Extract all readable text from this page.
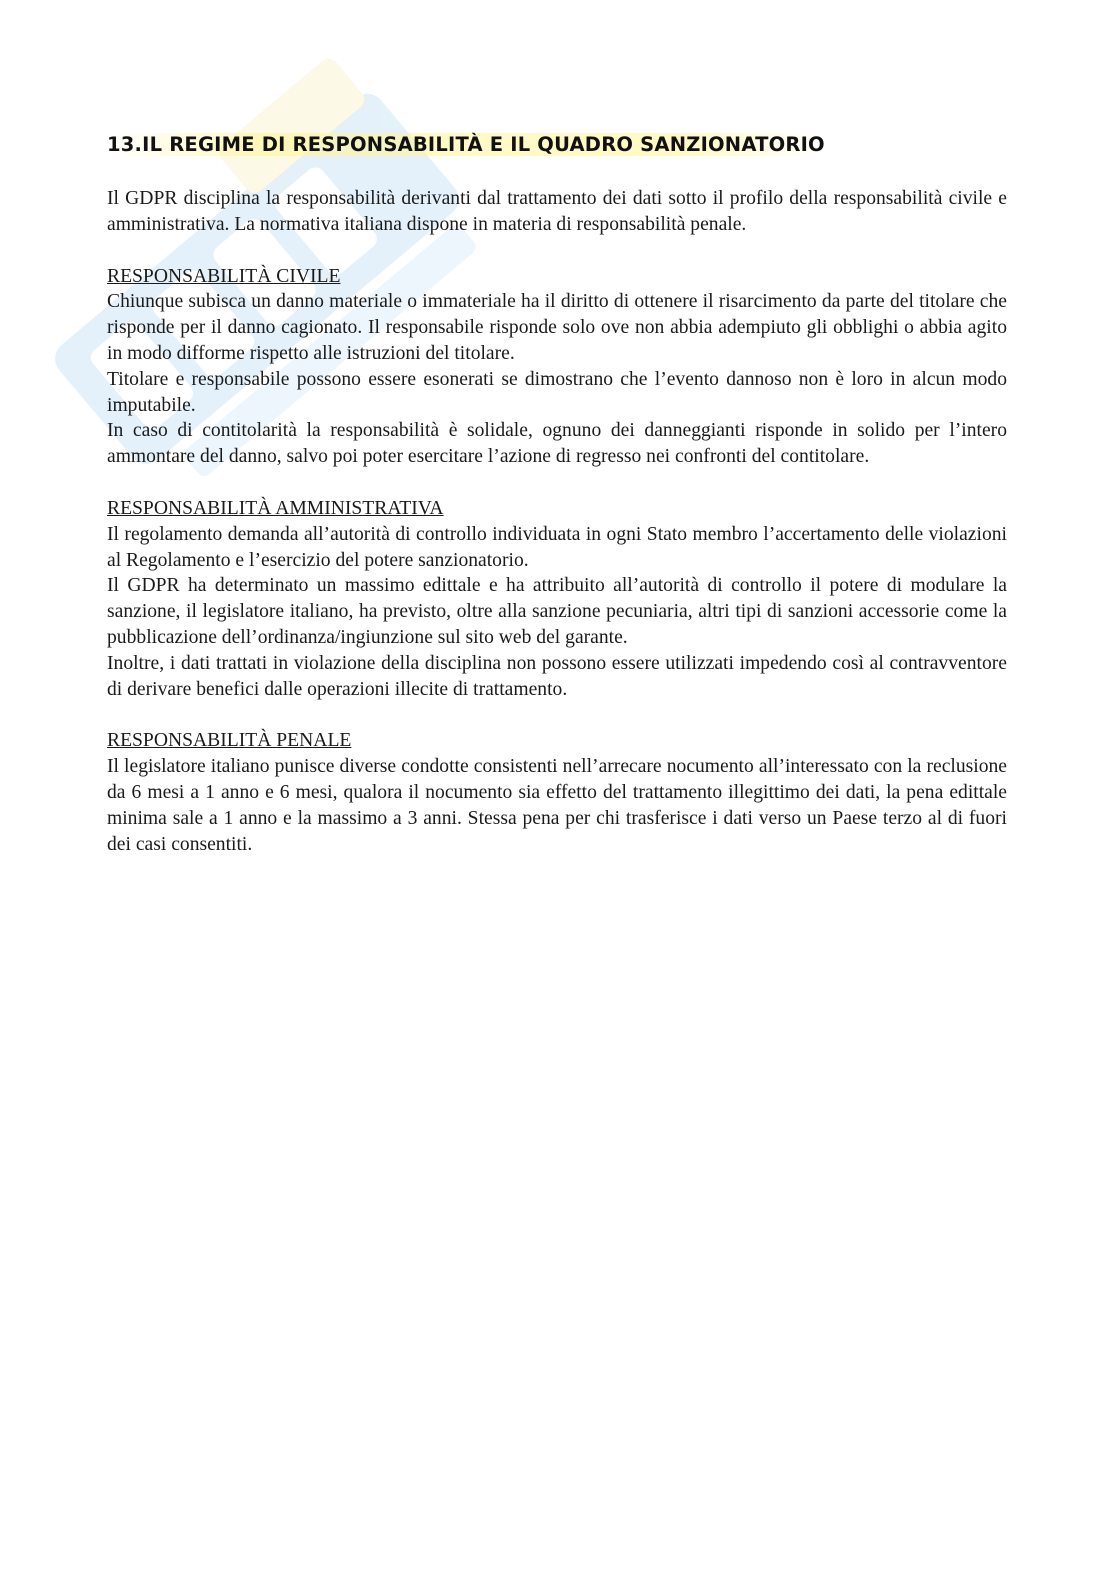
13.IL REGIME DI RESPONSABILITÀ E IL QUADRO SANZIONATORIO

Il GDPR disciplina la responsabilità derivanti dal trattamento dei dati sotto il profilo della responsabilità civile e amministrativa. La normativa italiana dispone in materia di responsabilità penale.

RESPONSABILITÀ CIVILE

Chiunque subisca un danno materiale o immateriale ha il diritto di ottenere il risarcimento da parte del titolare che risponde per il danno cagionato. Il responsabile risponde solo ove non abbia adempiuto gli obblighi o abbia agito in modo difforme rispetto alle istruzioni del titolare.

Titolare e responsabile possono essere esonerati se dimostrano che l’evento dannoso non è loro in alcun modo imputabile.

In caso di contitolarità la responsabilità è solidale, ognuno dei danneggianti risponde in solido per l’intero ammontare del danno, salvo poi poter esercitare l’azione di regresso nei confronti del contitolare.

RESPONSABILITÀ AMMINISTRATIVA

Il regolamento demanda all’autorità di controllo individuata in ogni Stato membro l’accertamento delle violazioni al Regolamento e l’esercizio del potere sanzionatorio.

Il GDPR ha determinato un massimo edittale e ha attribuito all’autorità di controllo il potere di modulare la sanzione, il legislatore italiano, ha previsto, oltre alla sanzione pecuniaria, altri tipi di sanzioni accessorie come la pubblicazione dell’ordinanza/ingiunzione sul sito web del garante.

Inoltre, i dati trattati in violazione della disciplina non possono essere utilizzati impedendo così al contravventore di derivare benefici dalle operazioni illecite di trattamento.

RESPONSABILITÀ PENALE

Il legislatore italiano punisce diverse condotte consistenti nell’arrecare nocumento all’interessato con la reclusione da 6 mesi a 1 anno e 6 mesi, qualora il nocumento sia effetto del trattamento illegittimo dei dati, la pena edittale minima sale a 1 anno e la massimo a 3 anni. Stessa pena per chi trasferisce i dati verso un Paese terzo al di fuori dei casi consentiti.
